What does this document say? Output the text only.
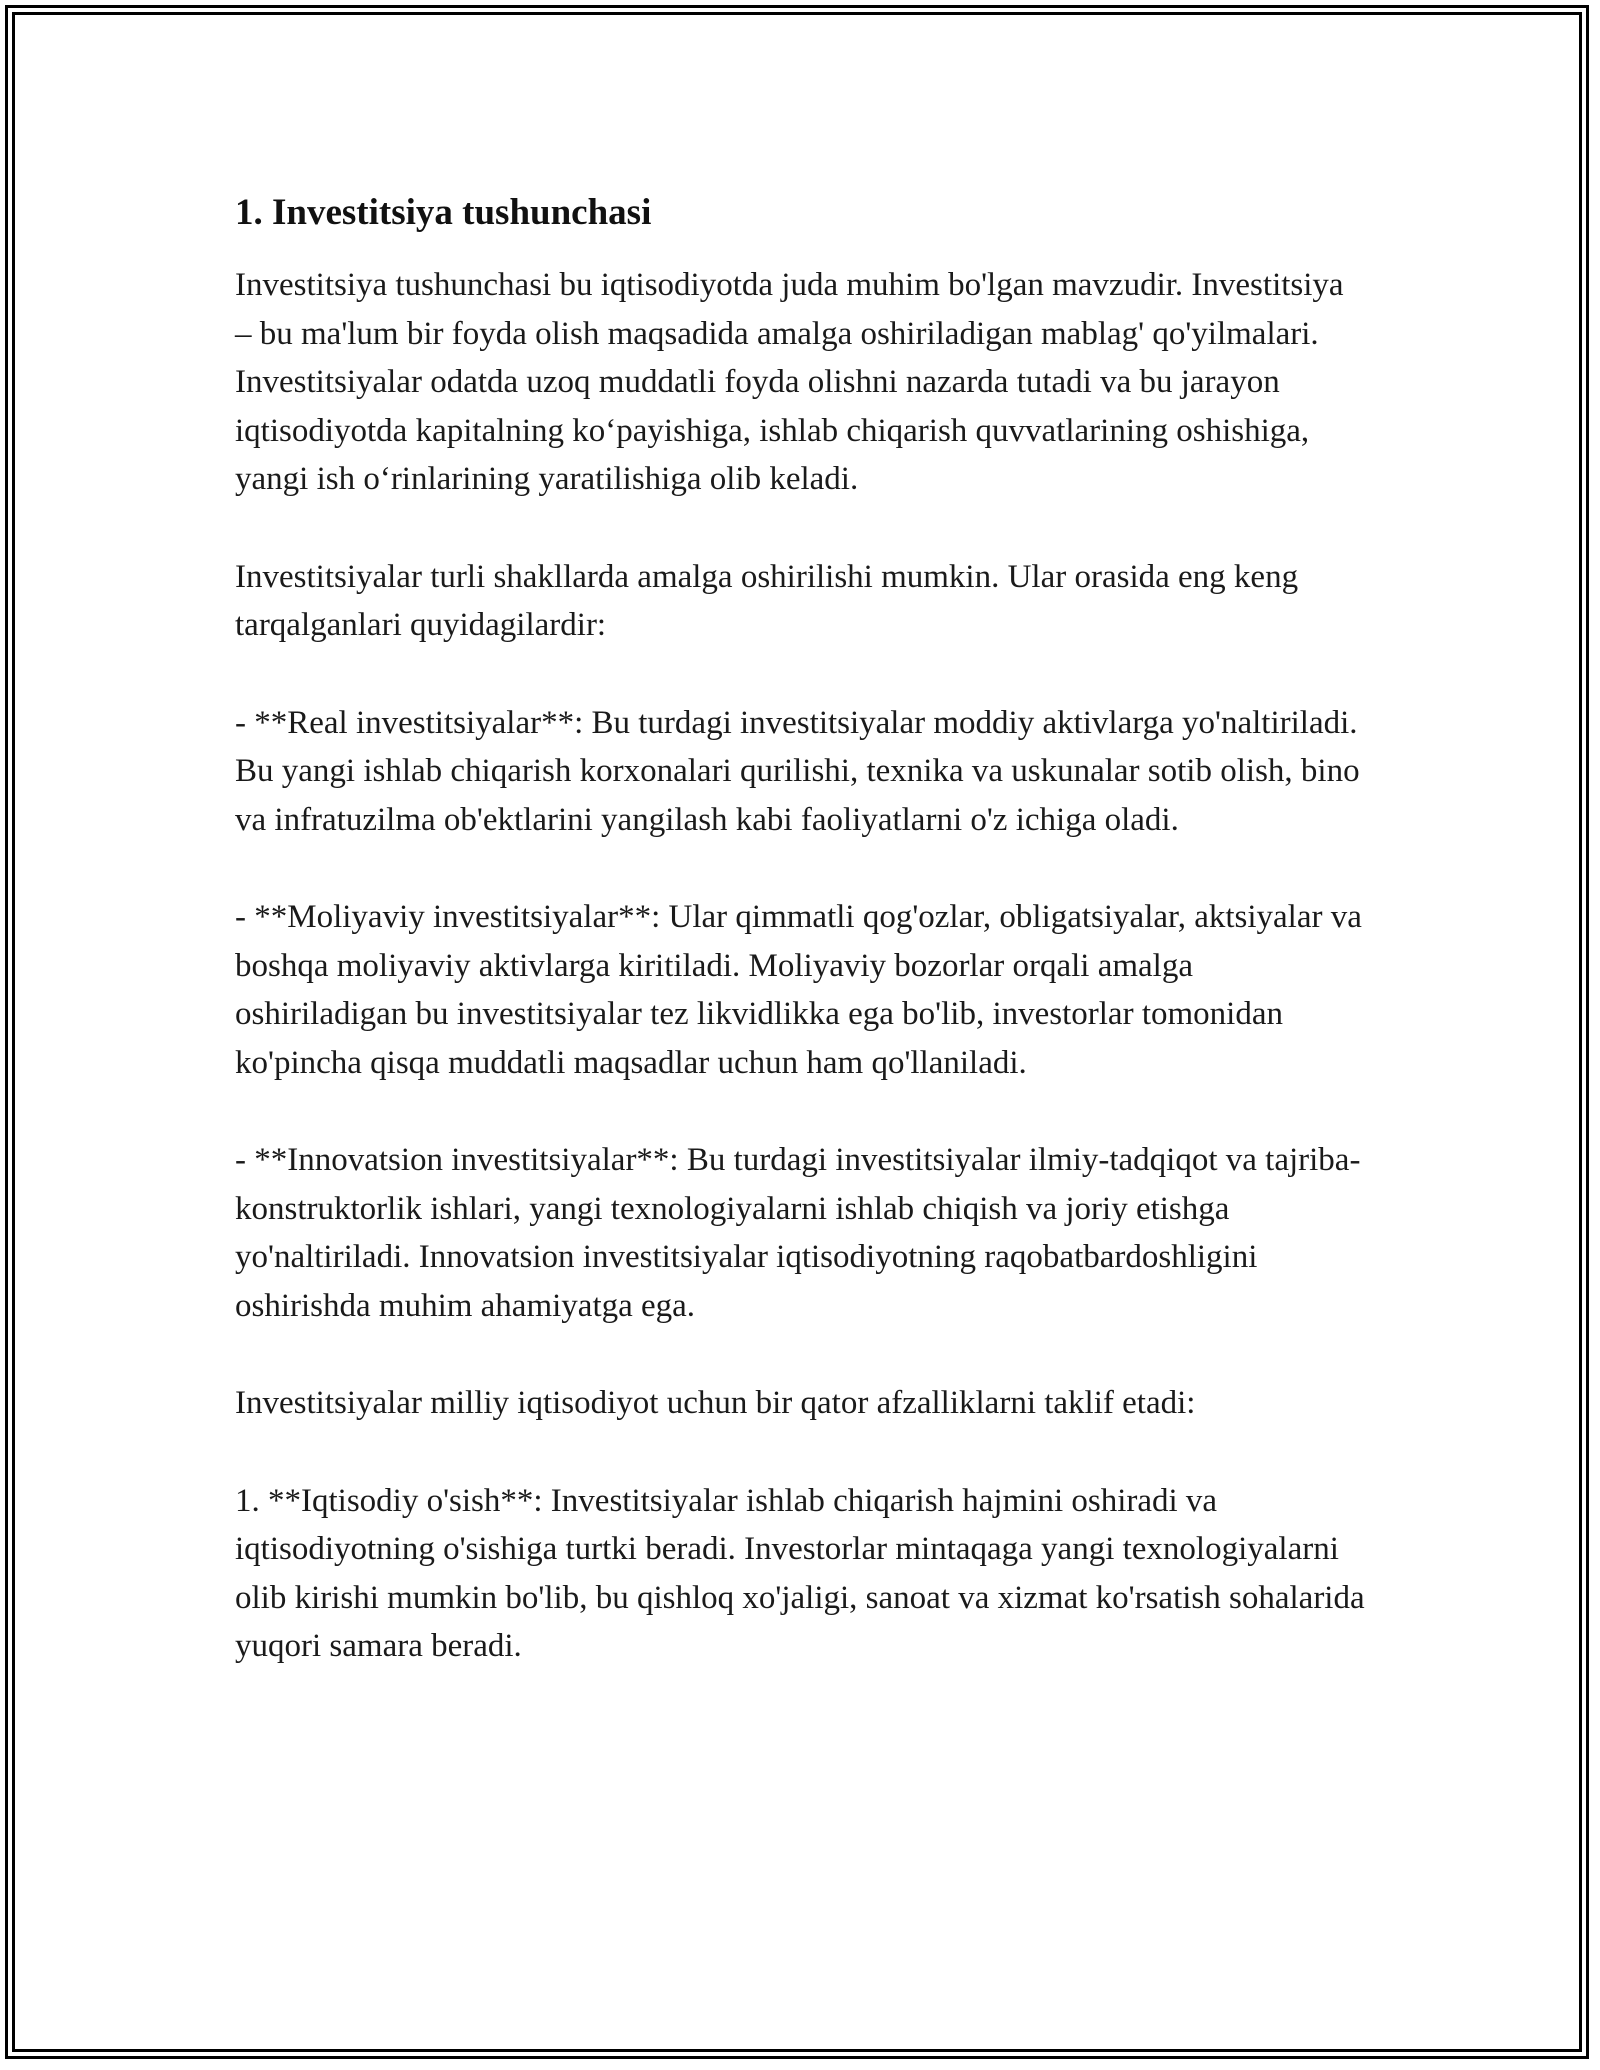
1. Investitsiya tushunchasi

Investitsiya tushunchasi bu iqtisodiyotda juda muhim bo'lgan mavzudir. Investitsiya – bu ma'lum bir foyda olish maqsadida amalga oshiriladigan mablag' qo'yilmalari. Investitsiyalar odatda uzoq muddatli foyda olishni nazarda tutadi va bu jarayon iqtisodiyotda kapitalning ko‘payishiga, ishlab chiqarish quvvatlarining oshishiga, yangi ish o‘rinlarining yaratilishiga olib keladi.

Investitsiyalar turli shakllarda amalga oshirilishi mumkin. Ular orasida eng keng tarqalganlari quyidagilardir:

- **Real investitsiyalar**: Bu turdagi investitsiyalar moddiy aktivlarga yo'naltiriladi. Bu yangi ishlab chiqarish korxonalari qurilishi, texnika va uskunalar sotib olish, bino va infratuzilma ob'ektlarini yangilash kabi faoliyatlarni o'z ichiga oladi.

- **Moliyaviy investitsiyalar**: Ular qimmatli qog'ozlar, obligatsiyalar, aktsiyalar va boshqa moliyaviy aktivlarga kiritiladi. Moliyaviy bozorlar orqali amalga oshiriladigan bu investitsiyalar tez likvidlikka ega bo'lib, investorlar tomonidan ko'pincha qisqa muddatli maqsadlar uchun ham qo'llaniladi.

- **Innovatsion investitsiyalar**: Bu turdagi investitsiyalar ilmiy-tadqiqot va tajriba-konstruktorlik ishlari, yangi texnologiyalarni ishlab chiqish va joriy etishga yo'naltiriladi. Innovatsion investitsiyalar iqtisodiyotning raqobatbardoshligini oshirishda muhim ahamiyatga ega.

Investitsiyalar milliy iqtisodiyot uchun bir qator afzalliklarni taklif etadi:

1. **Iqtisodiy o'sish**: Investitsiyalar ishlab chiqarish hajmini oshiradi va iqtisodiyotning o'sishiga turtki beradi. Investorlar mintaqaga yangi texnologiyalarni olib kirishi mumkin bo'lib, bu qishloq xo'jaligi, sanoat va xizmat ko'rsatish sohalarida yuqori samara beradi.
